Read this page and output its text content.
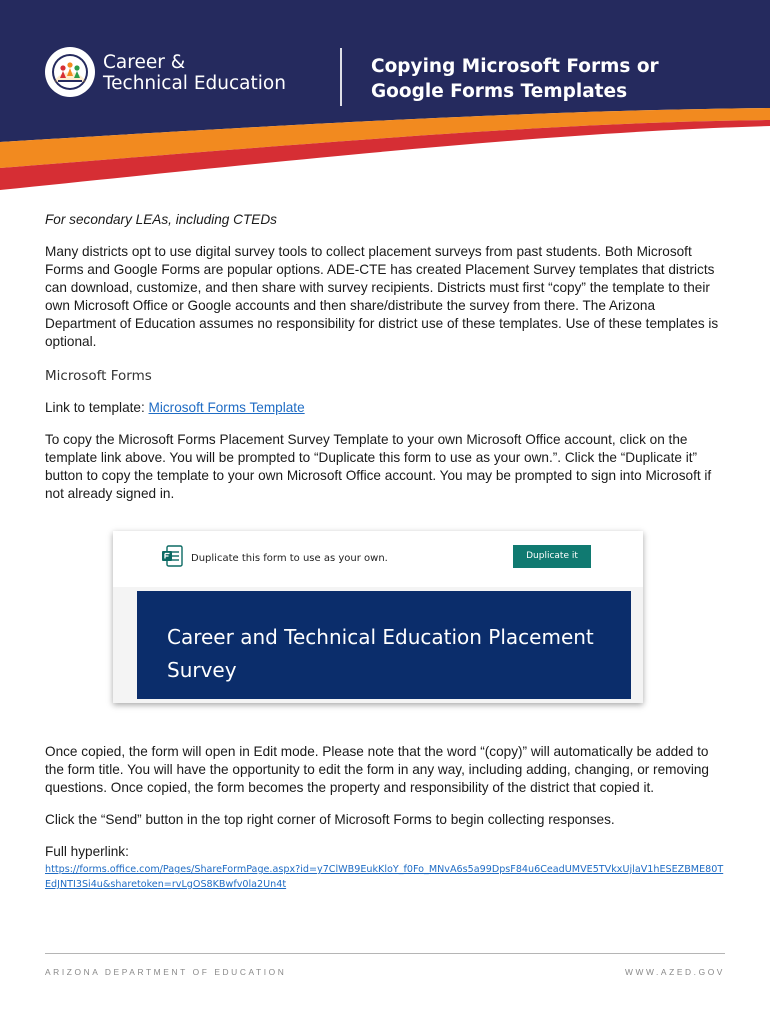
Career &
Technical Education
Copying Microsoft Forms or
Google Forms Templates
For secondary LEAs, including CTEDs

Many districts opt to use digital survey tools to collect placement surveys from past students. Both Microsoft Forms and Google Forms are popular options. ADE-CTE has created Placement Survey templates that districts can download, customize, and then share with survey recipients. Districts must first “copy” the template to their own Microsoft Office or Google accounts and then share/distribute the survey from there. The Arizona Department of Education assumes no responsibility for district use of these templates. Use of these templates is optional.

Microsoft Forms

Link to template: Microsoft Forms Template

To copy the Microsoft Forms Placement Survey Template to your own Microsoft Office account, click on the template link above. You will be prompted to “Duplicate this form to use as your own.”. Click the “Duplicate it” button to copy the template to your own Microsoft Office account. You may be prompted to sign into Microsoft if not already signed in.

Duplicate this form to use as your own.	Duplicate it
Career and Technical Education Placement
Survey

Once copied, the form will open in Edit mode. Please note that the word “(copy)” will automatically be added to the form title. You will have the opportunity to edit the form in any way, including adding, changing, or removing questions. Once copied, the form becomes the property and responsibility of the district that copied it.

Click the “Send” button in the top right corner of Microsoft Forms to begin collecting responses.

Full hyperlink:

https://forms.office.com/Pages/ShareFormPage.aspx?id=y7ClWB9EukKloY_f0Fo_MNvA6s5a99DpsF84u6CeadUMVE5TVkxUjlaV1hESEZBME80TEdJNTI3Si4u&sharetoken=rvLgOS8KBwfv0la2Un4t
ARIZONA DEPARTMENT OF EDUCATION	WWW.AZED.GOV
